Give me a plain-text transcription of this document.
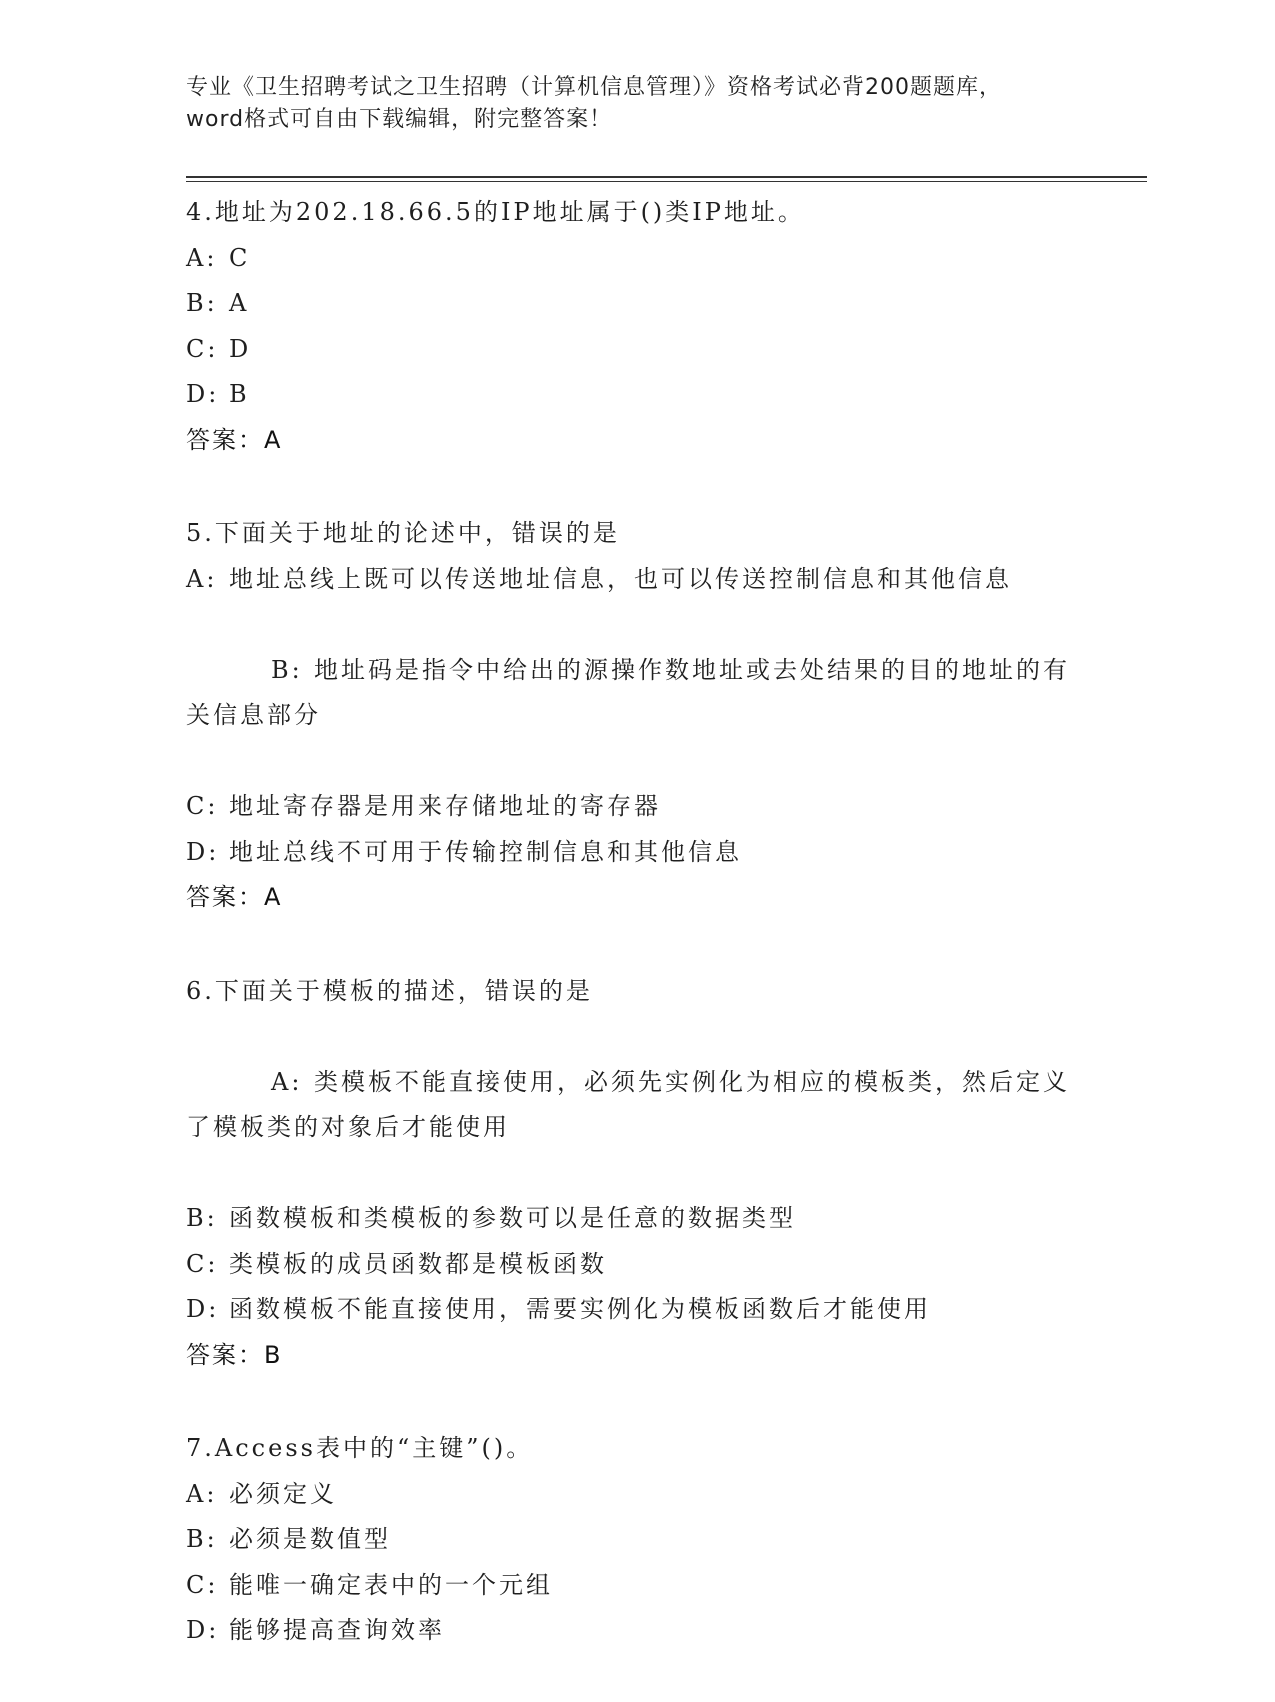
专业《卫生招聘考试之卫生招聘（计算机信息管理）》资格考试必背200题题库，
word格式可自由下载编辑，附完整答案！
4.地址为202.18.66.5的IP地址属于()类IP地址。
A: C
B: A
C: D
D: B
答案：A
5.下面关于地址的论述中，错误的是
A: 地址总线上既可以传送地址信息，也可以传送控制信息和其他信息

B: 地址码是指令中给出的源操作数地址或去处结果的目的地址的有关信息部分

C: 地址寄存器是用来存储地址的寄存器
D: 地址总线不可用于传输控制信息和其他信息
答案：A
6.下面关于模板的描述，错误的是

A: 类模板不能直接使用，必须先实例化为相应的模板类，然后定义了模板类的对象后才能使用

B: 函数模板和类模板的参数可以是任意的数据类型
C: 类模板的成员函数都是模板函数
D: 函数模板不能直接使用，需要实例化为模板函数后才能使用
答案：B
7.Access表中的“主键”()。
A: 必须定义
B: 必须是数值型
C: 能唯一确定表中的一个元组
D: 能够提高查询效率
